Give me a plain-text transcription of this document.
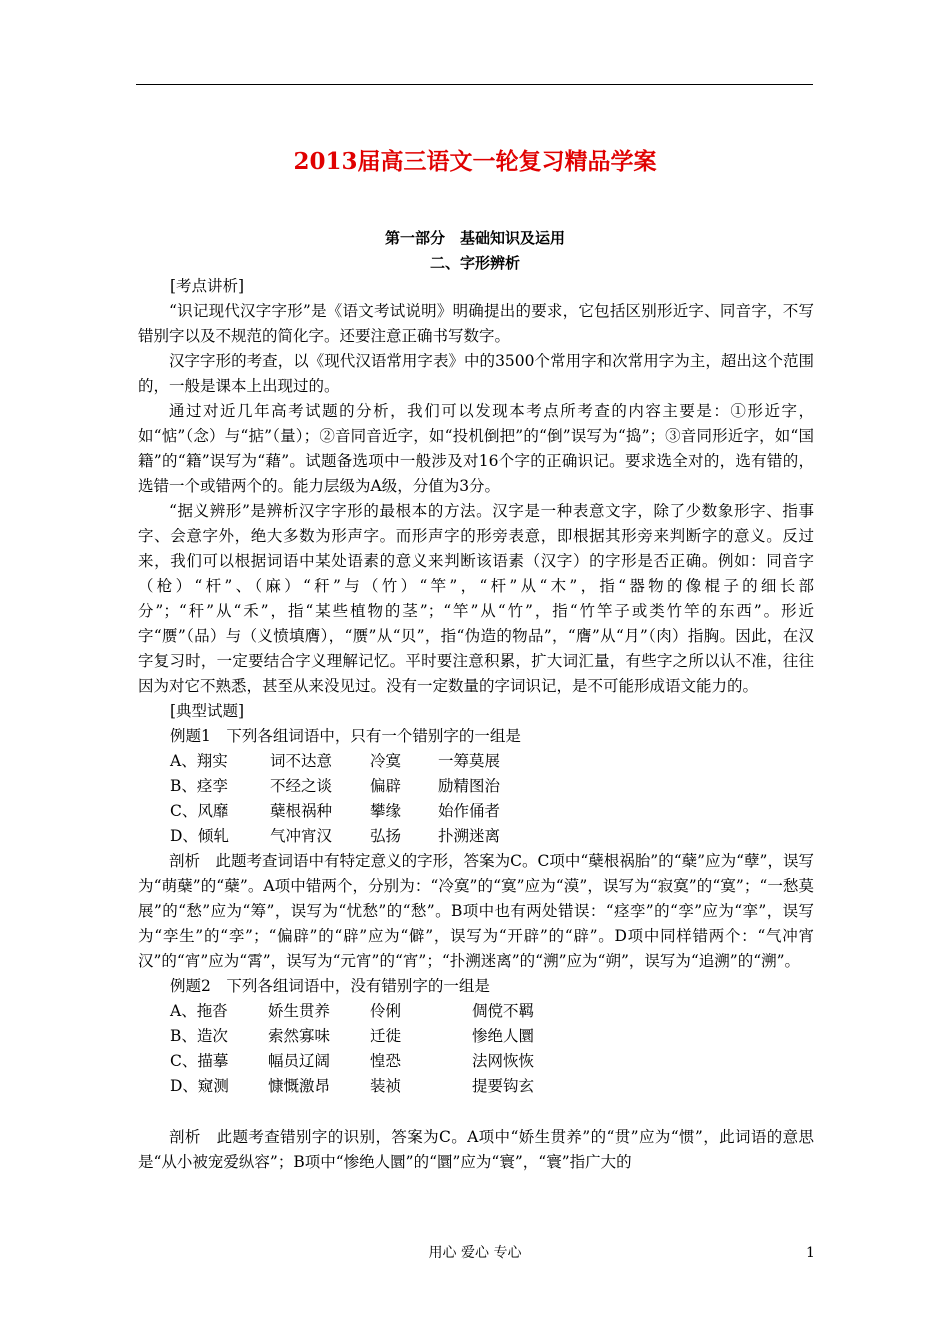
2013届高三语文一轮复习精品学案
第一部分　基础知识及运用
二、字形辨析

[考点讲析]

“识记现代汉字字形”是《语文考试说明》明确提出的要求，它包括区别形近字、同音字，不写错别字以及不规范的简化字。还要注意正确书写数字。

汉字字形的考查，以《现代汉语常用字表》中的3500个常用字和次常用字为主，超出这个范围的，一般是课本上出现过的。

通过对近几年高考试题的分析，我们可以发现本考点所考查的内容主要是：①形近字，如“惦”（念）与“掂”（量）；②音同音近字，如“投机倒把”的“倒”误写为“捣”；③音同形近字，如“国籍”的“籍”误写为“藉”。试题备选项中一般涉及对16个字的正确识记。要求选全对的，选有错的，选错一个或错两个的。能力层级为A级，分值为3分。

“据义辨形”是辨析汉字字形的最根本的方法。汉字是一种表意文字，除了少数象形字、指事字、会意字外，绝大多数为形声字。而形声字的形旁表意，即根据其形旁来判断字的意义。反过来，我们可以根据词语中某处语素的意义来判断该语素（汉字）的字形是否正确。例如：同音字（枪）“杆”、（麻）“秆”与（竹）“竿”，“杆”从“木”，指“器物的像棍子的细长部分”；“秆”从“禾”，指“某些植物的茎”；“竿”从“竹”，指“竹竿子或类竹竿的东西”。形近字“赝”（品）与（义愤填膺），“赝”从“贝”，指“伪造的物品”，“膺”从“月”（肉）指胸。因此，在汉字复习时，一定要结合字义理解记忆。平时要注意积累，扩大词汇量，有些字之所以认不准，往往因为对它不熟悉，甚至从来没见过。没有一定数量的字词识记，是不可能形成语文能力的。

[典型试题]

例题1　下列各组词语中，只有一个错别字的一组是

A、翔实	词不达意 冷寞 一筹莫展

B、痉孪	不经之谈 偏辟 励精图治

C、风靡	蘖根祸种 攀缘 始作俑者

D、倾轧	气冲宵汉 弘扬 扑溯迷离

剖析　此题考查词语中有特定意义的字形，答案为C。C项中“蘖根祸胎”的“蘖”应为“孽”，误写为“萌蘖”的“蘖”。A项中错两个，分别为：“冷寞”的“寞”应为“漠”，误写为“寂寞”的“寞”；“一愁莫展”的“愁”应为“筹”，误写为“忧愁”的“愁”。B项中也有两处错误：“痉孪”的“孪”应为“挛”，误写为“孪生”的“孪”；“偏辟”的“辟”应为“僻”，误写为“开辟”的“辟”。D项中同样错两个：“气冲宵汉”的“宵”应为“霄”，误写为“元宵”的“宵”；“扑溯迷离”的“溯”应为“朔”，误写为“追溯”的“溯”。

例题2　下列各组词语中，没有错别字的一组是

A、拖沓	娇生贯养	伶俐	倜傥不羁

B、造次	索然寡味	迁徙	惨绝人圜

C、描摹	幅员辽阔	惶恐	法网恢恢

D、窥测	慷慨激昂	装祯	提要钩玄

剖析　此题考查错别字的识别，答案为C。A项中“娇生贯养”的“贯”应为“惯”，此词语的意思是“从小被宠爱纵容”；B项中“惨绝人圜”的“圜”应为“寰”，“寰”指广大的

用心 爱心 专心	1
